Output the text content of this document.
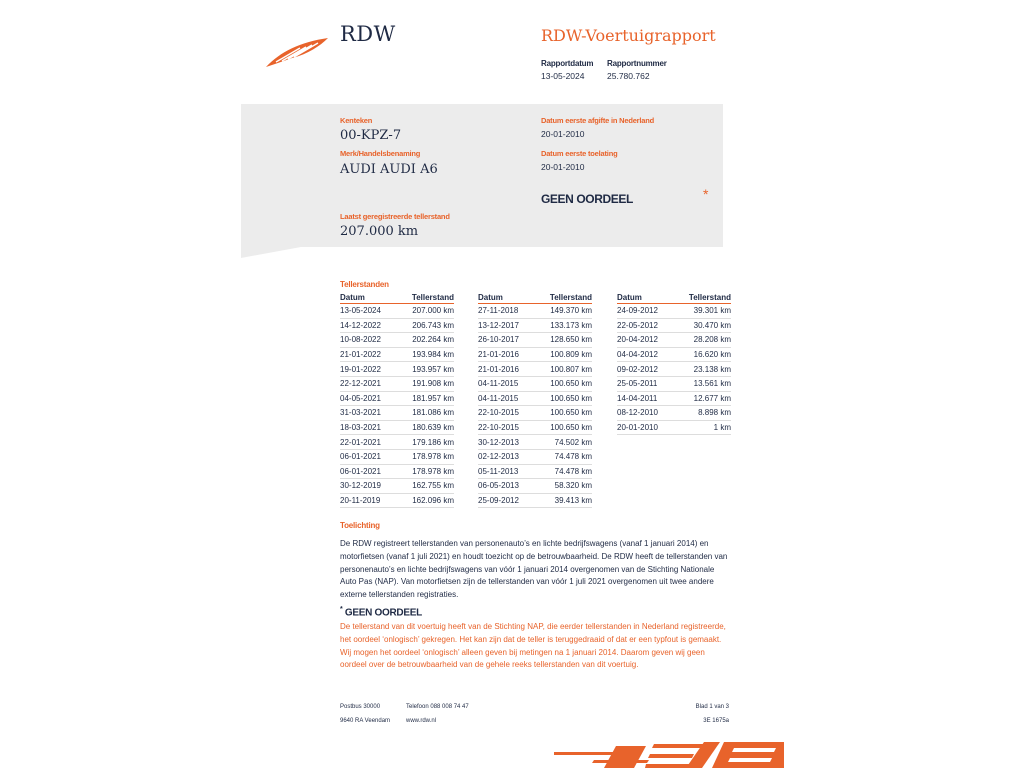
RDW	RDW-Voertuigrapport
Rapportdatum
13-05-2024
Rapportnummer
25.780.762
Kenteken
00-KPZ-7
Merk/Handelsbenaming
AUDI AUDI A6
Datum eerste afgifte in Nederland
20-01-2010
Datum eerste toelating
20-01-2010
GEEN OORDEEL	*
Laatst geregistreerde tellerstand
207.000 km
Tellerstanden
Datum	Tellerstand
13-05-2024	207.000 km
14-12-2022	206.743 km
10-08-2022	202.264 km
21-01-2022	193.984 km
19-01-2022	193.957 km
22-12-2021	191.908 km
04-05-2021	181.957 km
31-03-2021	181.086 km
18-03-2021	180.639 km
22-01-2021	179.186 km
06-01-2021	178.978 km
06-01-2021	178.978 km
30-12-2019	162.755 km
20-11-2019	162.096 km
Datum	Tellerstand
27-11-2018	149.370 km
13-12-2017	133.173 km
26-10-2017	128.650 km
21-01-2016	100.809 km
21-01-2016	100.807 km
04-11-2015	100.650 km
04-11-2015	100.650 km
22-10-2015	100.650 km
22-10-2015	100.650 km
30-12-2013	74.502 km
02-12-2013	74.478 km
05-11-2013	74.478 km
06-05-2013	58.320 km
25-09-2012	39.413 km
Datum	Tellerstand
24-09-2012	39.301 km
22-05-2012	30.470 km
20-04-2012	28.208 km
04-04-2012	16.620 km
09-02-2012	23.138 km
25-05-2011	13.561 km
14-04-2011	12.677 km
08-12-2010	8.898 km
20-01-2010	1 km
Toelichting
De RDW registreert tellerstanden van personenauto’s en lichte bedrijfswagens (vanaf 1 januari 2014) en motorfietsen (vanaf 1 juli 2021) en houdt toezicht op de betrouwbaarheid. De RDW heeft de tellerstanden van personenauto’s en lichte bedrijfswagens van vóór 1 januari 2014 overgenomen van de Stichting Nationale Auto Pas (NAP). Van motorfietsen zijn de tellerstanden van vóór 1 juli 2021 overgenomen uit twee andere externe tellerstanden registraties.
* GEEN OORDEEL
De tellerstand van dit voertuig heeft van de Stichting NAP, die eerder tellerstanden in Nederland registreerde, het oordeel ‘onlogisch’ gekregen. Het kan zijn dat de teller is teruggedraaid of dat er een typfout is gemaakt. Wij mogen het oordeel ‘onlogisch’ alleen geven bij metingen na 1 januari 2014. Daarom geven wij geen oordeel over de betrouwbaarheid van de gehele reeks tellerstanden van dit voertuig.
Postbus 30000
9640 RA Veendam
Telefoon 088 008 74 47
www.rdw.nl
Blad 1 van 3
3E 1675a
